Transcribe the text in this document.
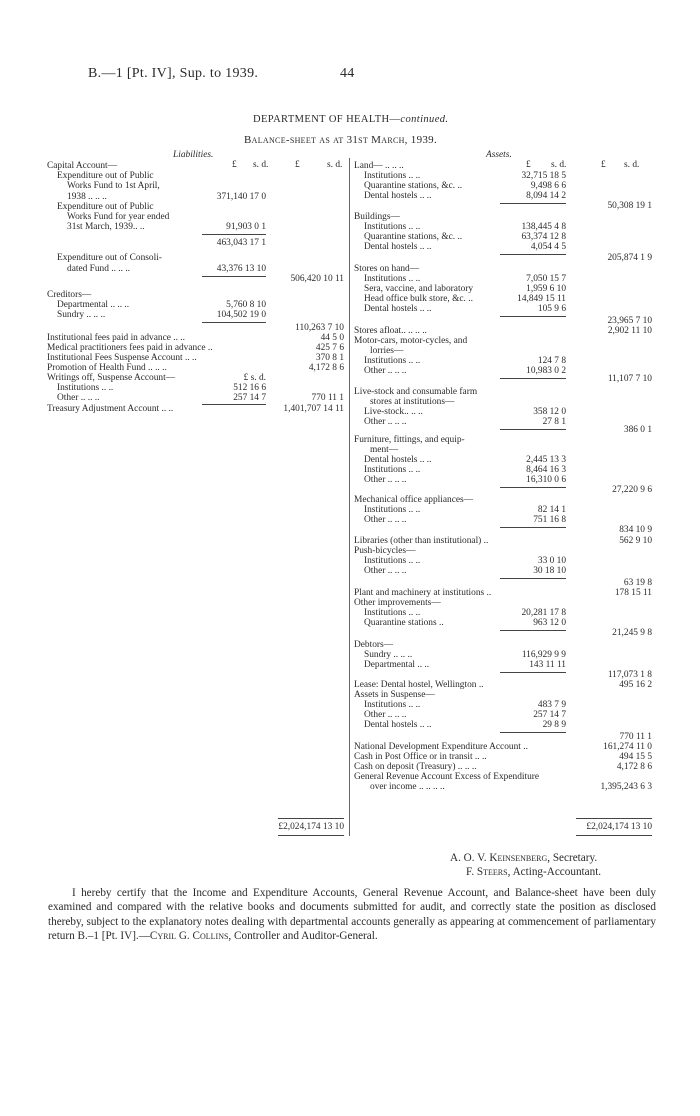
B.—1 [Pt. IV], Sup. to 1939.	44
DEPARTMENT OF HEALTH—continued.
Balance-sheet as at 31st March, 1939.
Liabilities.
£ s. d.	£	s. d.
Capital Account—
Expenditure out of Public
Works Fund to 1st April,
1938 .. .. ..	371,140 17 0
Expenditure out of Public
Works Fund for year ended
31st March, 1939.. ..	91,903 0 1
463,043 17 1
Expenditure out of Consoli-
dated Fund .. .. ..	43,376 13 10
506,420 10 11
Creditors—
Departmental .. .. ..	5,760 8 10
Sundry .. .. ..	104,502 19 0
110,263 7 10
Institutional fees paid in advance .. ..	44 5 0
Medical practitioners fees paid in advance ..	425 7 6
Institutional Fees Suspense Account .. ..	370 8 1
Promotion of Health Fund .. .. ..	4,172 8 6
Writings off, Suspense Account—	£ s. d.
Institutions .. ..	512 16 6
Other .. .. ..	257 14 7	770 11 1
Treasury Adjustment Account .. ..	1,401,707 14 11
£2,024,174 13 10
Assets.
£ s. d.	£ s. d.
Land— .. .. ..
Institutions .. ..	32,715 18 5
Quarantine stations, &c. ..	9,498 6 6
Dental hostels .. ..	8,094 14 2
50,308 19 1
Buildings—
Institutions .. ..	138,445 4 8
Quarantine stations, &c. ..	63,374 12 8
Dental hostels .. ..	4,054 4 5
205,874 1 9
Stores on hand—
Institutions .. ..	7,050 15 7
Sera, vaccine, and laboratory	1,959 6 10
Head office bulk store, &c. ..	14,849 15 11
Dental hostels .. ..	105 9 6
23,965 7 10
Stores afloat.. .. .. ..	2,902 11 10
Motor-cars, motor-cycles, and
lorries—
Institutions .. ..	124 7 8
Other .. .. ..	10,983 0 2
11,107 7 10
Live-stock and consumable farm
stores at institutions—
Live-stock.. .. ..	358 12 0
Other .. .. ..	27 8 1
386 0 1
Furniture, fittings, and equip-
ment—
Dental hostels .. ..	2,445 13 3
Institutions .. ..	8,464 16 3
Other .. .. ..	16,310 0 6
27,220 9 6
Mechanical office appliances—
Institutions .. ..	82 14 1
Other .. .. ..	751 16 8
834 10 9
Libraries (other than institutional) ..	562 9 10
Push-bicycles—
Institutions .. ..	33 0 10
Other .. .. ..	30 18 10
63 19 8
Plant and machinery at institutions ..	178 15 11
Other improvements—
Institutions .. ..	20,281 17 8
Quarantine stations ..	963 12 0
21,245 9 8
Debtors—
Sundry .. .. ..	116,929 9 9
Departmental .. ..	143 11 11
117,073 1 8
Lease: Dental hostel, Wellington ..	495 16 2
Assets in Suspense—
Institutions .. ..	483 7 9
Other .. .. ..	257 14 7
Dental hostels .. ..	29 8 9
770 11 1
National Development Expenditure Account ..	161,274 11 0
Cash in Post Office or in transit .. ..	494 15 5
Cash on deposit (Treasury) .. .. ..	4,172 8 6
General Revenue Account Excess of Expenditure
over income .. .. .. ..	1,395,243 6 3
£2,024,174 13 10
A. O. V. Keinsenberg, Secretary.
F. Steers, Acting-Accountant.

I hereby certify that the Income and Expenditure Accounts, General Revenue Account, and Balance-sheet have been duly examined and compared with the relative books and documents submitted for audit, and correctly state the position as disclosed thereby, subject to the explanatory notes dealing with departmental accounts generally as appearing at commencement of parliamentary return B.–1 [Pt. IV].—Cyril G. Collins, Controller and Auditor-General.
